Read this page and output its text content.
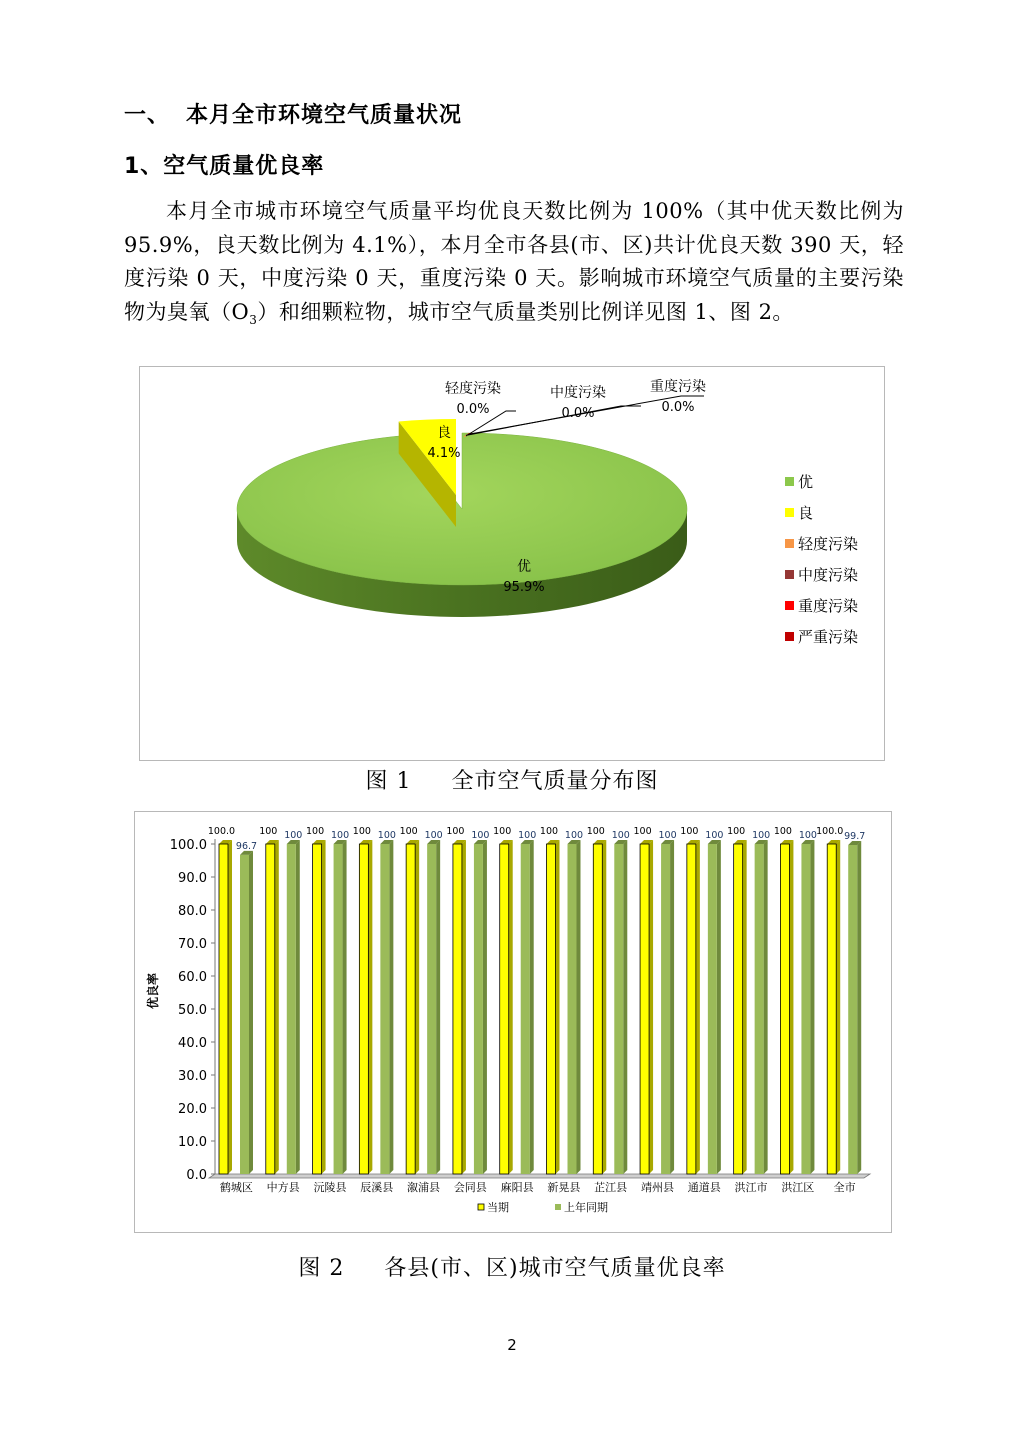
一、 本月全市环境空气质量状况
1、空气质量优良率

本月全市城市环境空气质量平均优良天数比例为 100%（其中优天数比例为 95.9%，良天数比例为 4.1%），本月全市各县(市、区)共计优良天数 390 天，轻度污染 0 天，中度污染 0 天，重度污染 0 天。影响城市环境空气质量的主要污染物为臭氧$(O_3)$和细颗粒物，城市空气质量类别比例详见图 1、图 2。

优
95.9%
良
4.1%
轻度污染
0.0%
中度污染
0.0%
重度污染
0.0%
优
良
轻度污染
中度污染
重度污染
严重污染
图 1 全市空气质量分布图
0.0
10.0
20.0
30.0
40.0
50.0
60.0
70.0
80.0
90.0
100.0
优良率
100.0
96.7
鹤城区
100 100
中方县
100 100
沅陵县
100 100
辰溪县
100 100
溆浦县
100 100
会同县
100 100
麻阳县
100 100
新晃县
100 100
芷江县
100 100
靖州县
100 100
通道县
100 100
洪江市
100 100
洪江区
100.0 99.7
全市
当期	上年同期
图 2 各县(市、区)城市空气质量优良率
2
